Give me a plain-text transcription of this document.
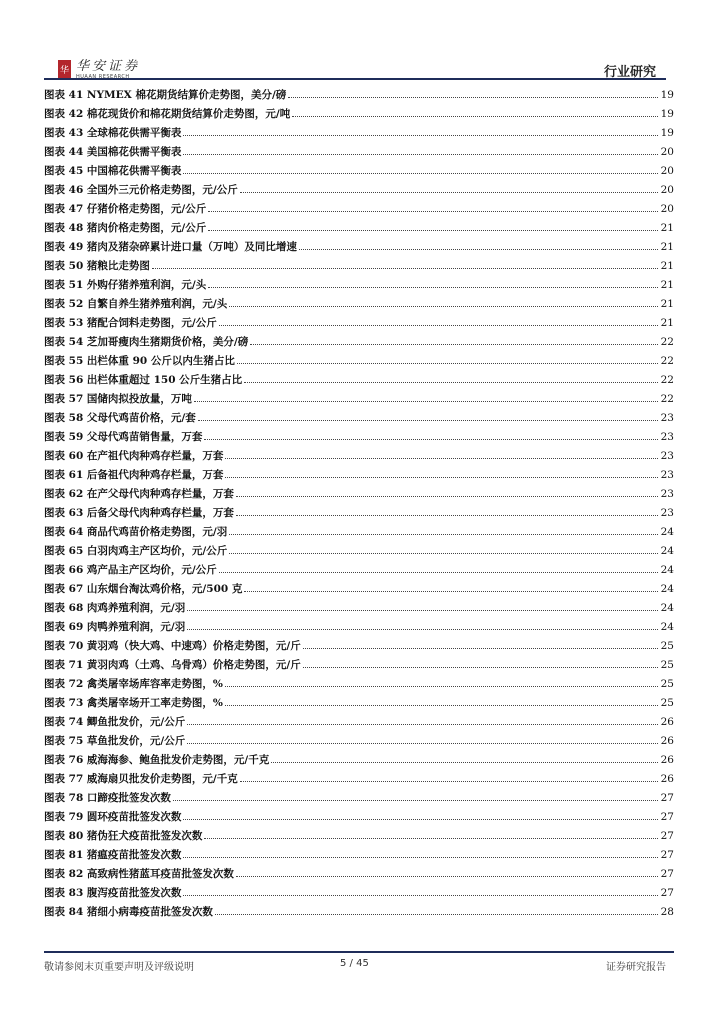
华 华安证券
HUAAN RESEARCH	行业研究
图表 41 NYMEX 棉花期货结算价走势图，美分/磅	19
图表 42 棉花现货价和棉花期货结算价走势图，元/吨	19
图表 43 全球棉花供需平衡表	19
图表 44 美国棉花供需平衡表	20
图表 45 中国棉花供需平衡表	20
图表 46 全国外三元价格走势图，元/公斤	20
图表 47 仔猪价格走势图，元/公斤	20
图表 48 猪肉价格走势图，元/公斤	21
图表 49 猪肉及猪杂碎累计进口量（万吨）及同比增速	21
图表 50 猪粮比走势图	21
图表 51 外购仔猪养殖利润，元/头	21
图表 52 自繁自养生猪养殖利润，元/头	21
图表 53 猪配合饲料走势图，元/公斤	21
图表 54 芝加哥瘦肉生猪期货价格，美分/磅	22
图表 55 出栏体重 90 公斤以内生猪占比	22
图表 56 出栏体重超过 150 公斤生猪占比	22
图表 57 国储肉拟投放量，万吨	22
图表 58 父母代鸡苗价格，元/套	23
图表 59 父母代鸡苗销售量，万套	23
图表 60 在产祖代肉种鸡存栏量，万套	23
图表 61 后备祖代肉种鸡存栏量，万套	23
图表 62 在产父母代肉种鸡存栏量，万套	23
图表 63 后备父母代肉种鸡存栏量，万套	23
图表 64 商品代鸡苗价格走势图，元/羽	24
图表 65 白羽肉鸡主产区均价，元/公斤	24
图表 66 鸡产品主产区均价，元/公斤	24
图表 67 山东烟台淘汰鸡价格，元/500 克	24
图表 68 肉鸡养殖利润，元/羽	24
图表 69 肉鸭养殖利润，元/羽	24
图表 70 黄羽鸡（快大鸡、中速鸡）价格走势图，元/斤	25
图表 71 黄羽肉鸡（土鸡、乌骨鸡）价格走势图，元/斤	25
图表 72 禽类屠宰场库容率走势图，%	25
图表 73 禽类屠宰场开工率走势图，%	25
图表 74 鲫鱼批发价，元/公斤	26
图表 75 草鱼批发价，元/公斤	26
图表 76 威海海参、鲍鱼批发价走势图，元/千克	26
图表 77 威海扇贝批发价走势图，元/千克	26
图表 78 口蹄疫批签发次数	27
图表 79 圆环疫苗批签发次数	27
图表 80 猪伪狂犬疫苗批签发次数	27
图表 81 猪瘟疫苗批签发次数	27
图表 82 高致病性猪蓝耳疫苗批签发次数	27
图表 83 腹泻疫苗批签发次数	27
图表 84 猪细小病毒疫苗批签发次数	28
敬请参阅末页重要声明及评级说明	5 / 45	证券研究报告
